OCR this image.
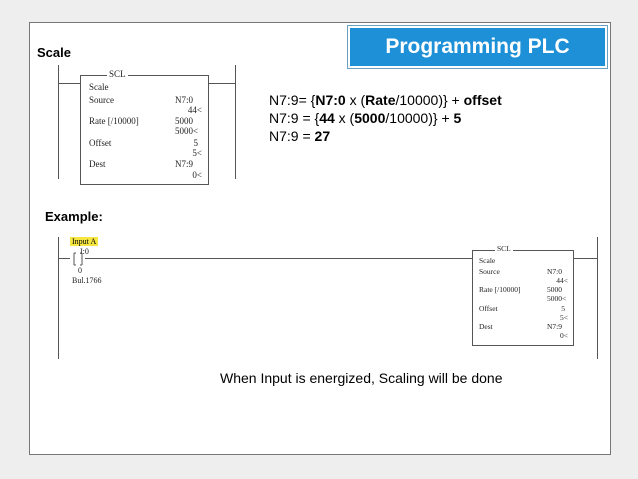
Programming PLC
Scale
SCL
Scale
Source	N7:0
44<
Rate [/10000]	5000
5000<
Offset	5
5<
Dest	N7:9
0<
N7:9= {N7:0 x (Rate/10000)} + offset
N7:9 = {44 x (5000/10000)} + 5
N7:9 = 27
Example:
Input A
I:0
0
Bul.1766
SCL
Scale
Source	N7:0
44<
Rate [/10000]	5000
5000<
Offset	5
5<
Dest	N7:9
0<
When Input is energized, Scaling will be done
